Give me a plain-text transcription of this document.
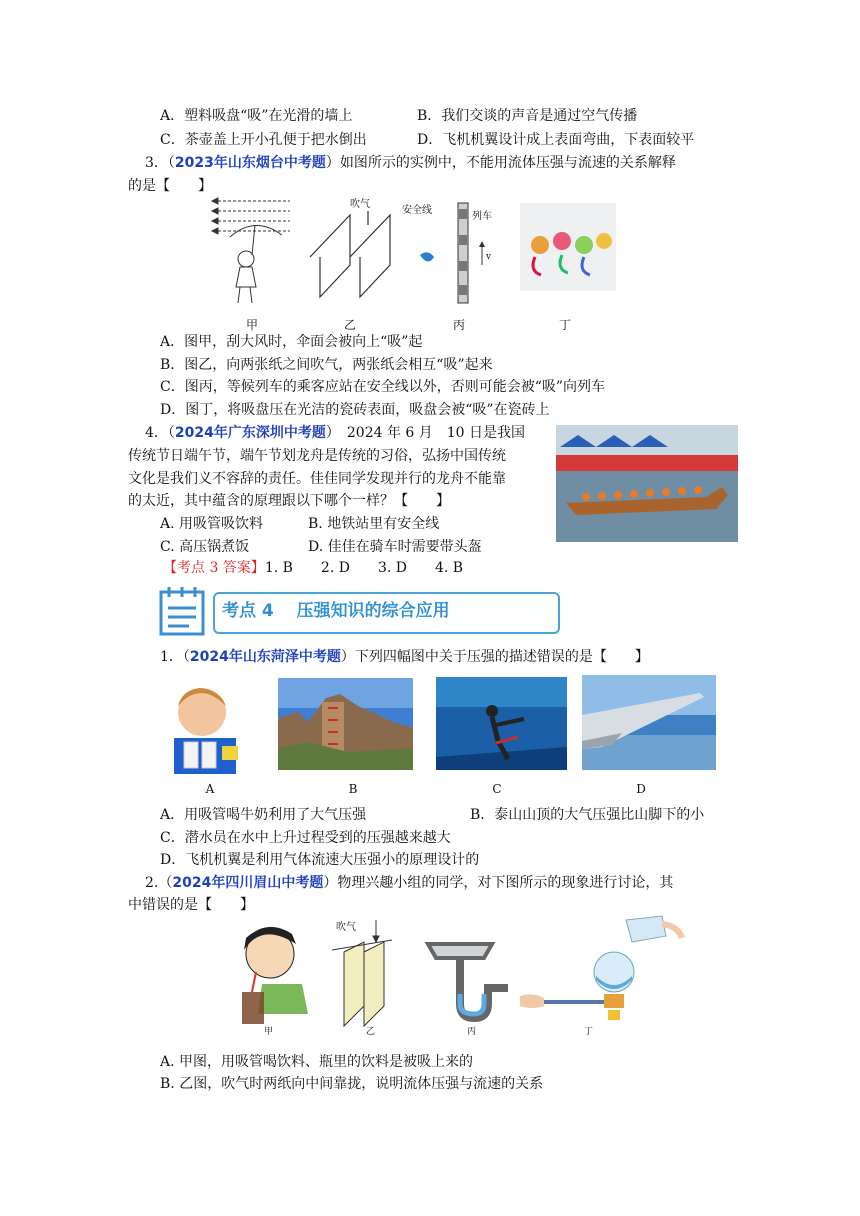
A．塑料吸盘“吸”在光滑的墙上	B．我们交谈的声音是通过空气传播
C．茶壶盖上开小孔便于把水倒出	D．飞机机翼设计成上表面弯曲，下表面较平
3．（2023年山东烟台中考题）如图所示的实例中，不能用流体压强与流速的关系解释
的是【　　】
吹气
安全线
列车
v
甲	乙	丙	丁
A．图甲，刮大风时，伞面会被向上“吸”起
B．图乙，向两张纸之间吹气，两张纸会相互“吸”起来
C．图丙，等候列车的乘客应站在安全线以外，否则可能会被“吸”向列车
D．图丁，将吸盘压在光洁的瓷砖表面，吸盘会被“吸”在瓷砖上
4．（2024年广东深圳中考题）　2024 年 6 月　10 日是我国
传统节日端午节，端午节划龙舟是传统的习俗，弘扬中国传统
文化是我们义不容辞的责任。佳佳同学发现并行的龙舟不能靠
的太近，其中蕴含的原理跟以下哪个一样？【　　】
A. 用吸管吸饮料	B. 地铁站里有安全线
C. 高压锅煮饭	D. 佳佳在骑车时需要带头盔
【考点 3 答案】1. B　　2. D　　3. D　　4. B
考点 4　 压强知识的综合应用
1．（2024年山东菏泽中考题）下列四幅图中关于压强的描述错误的是【　　】
A	B	C	D
A．用吸管喝牛奶利用了大气压强	B．泰山山顶的大气压强比山脚下的小
C．潜水员在水中上升过程受到的压强越来越大
D．飞机机翼是利用气体流速大压强小的原理设计的
2.（2024年四川眉山中考题）物理兴趣小组的同学，对下图所示的现象进行讨论，其
中错误的是【　　】
吹气
甲	乙	丙	丁
A. 甲图，用吸管喝饮料、瓶里的饮料是被吸上来的
B. 乙图，吹气时两纸向中间靠拢，说明流体压强与流速的关系
